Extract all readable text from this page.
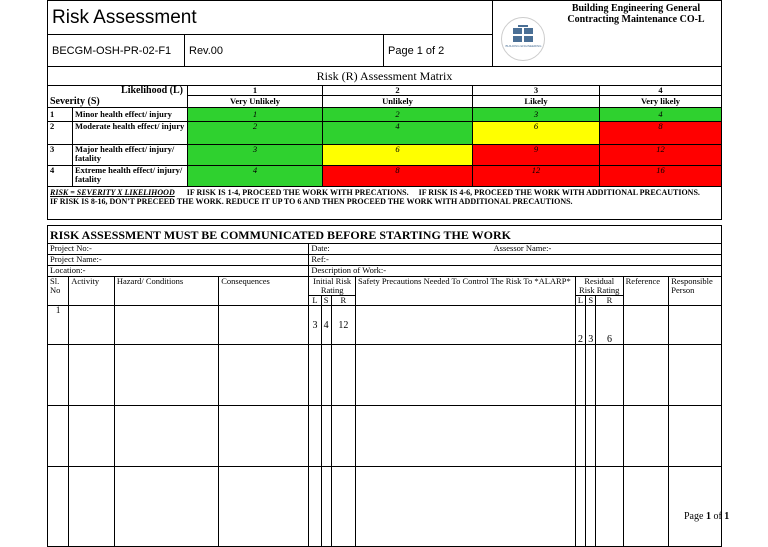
Risk Assessment			Building Engineering General Contracting Maintenance CO-L
BUILDING ENGINEERING

BECGM-OSH-PR-02-F1	Rev.00	Page 1 of 2	
Risk (R) Assessment Matrix					
Likelihood (L)		1	2	3	4
Severity (S)		Very Unlikely	Unlikely	Likely	Very likely
1	Minor health effect/ injury	1	2	3	4
2	Moderate health effect/ injury	2	4	6	8
3	Major health effect/ injury/ fatality	3	6	9	12
4	Extreme health effect/ injury/ fatality	4	8	12	16
RISK = SEVERITY X LIKELIHOOD IF RISK IS 1-4, PROCEED THE WORK WITH PRECATIONS. IF RISK IS 4-6, PROCEED THE WORK WITH ADDITIONAL PRECAUTIONS.
IF RISK IS 8-16, DON'T PRECEED THE WORK. REDUCE IT UP TO 6 AND THEN PROCEED THE WORK WITH ADDITIONAL PRECAUTIONS.					
RISK ASSESSMENT MUST BE COMMUNICATED BEFORE STARTING THE WORK												
Project No:-				Date: Assessor Name:-								

Project Name:-				Ref:-								
Location:-				Description of Work:-								
Sl. No	Activity	Hazard/ Conditions	Consequences	Initial Risk Rating			Safety Precautions Needed To Control The Risk To *ALARP*	Residual Risk Rating			Reference	Responsible Person
				L	S	R		L	S	R		
1				3	4	12		2	3	6		

Page 1 of 1
